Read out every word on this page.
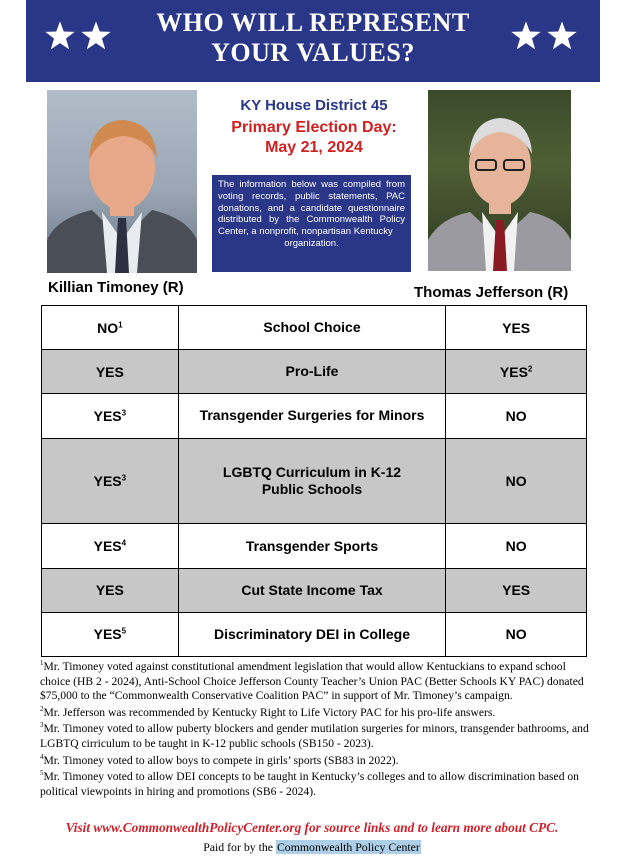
WHO WILL REPRESENT
YOUR VALUES?
KY House District 45
Primary Election Day:
May 21, 2024
The information below was compiled from voting records, public statements, PAC donations, and a candidate questionnaire distributed by the Commonwealth Policy Center, a nonprofit, nonpartisan Kentucky
organization.
Killian Timoney (R)	Thomas Jefferson (R)
$NO^1$	School Choice	YES
YES	Pro-Life	YES$^2$
YES$^3$	Transgender Surgeries for Minors	NO
YES$^3$	LGBTQ Curriculum in K-12
Public Schools	NO
YES$^4$	Transgender Sports	NO
YES	Cut State Income Tax	YES
YES$^5$	Discriminatory DEI in College	NO

$^1$Mr. Timoney voted against constitutional amendment legislation that would allow Kentuckians to expand school choice (HB 2 - 2024), Anti-School Choice Jefferson County Teacher’s Union PAC (Better Schools KY PAC) donated $75,000 to the “Commonwealth Conservative Coalition PAC” in support of Mr. Timoney’s campaign.

$^2$Mr. Jefferson was recommended by Kentucky Right to Life Victory PAC for his pro-life answers.

$^3$Mr. Timoney voted to allow puberty blockers and gender mutilation surgeries for minors, transgender bathrooms, and LGBTQ cirriculum to be taught in K-12 public schools (SB150 - 2023).

$^4$Mr. Timoney voted to allow boys to compete in girls’ sports (SB83 in 2022).

$^5$Mr. Timoney voted to allow DEI concepts to be taught in Kentucky’s colleges and to allow discrimination based on political viewpoints in hiring and promotions (SB6 - 2024).

Visit www.CommonwealthPolicyCenter.org for source links and to learn more about CPC.
Paid for by the Commonwealth Policy Center
